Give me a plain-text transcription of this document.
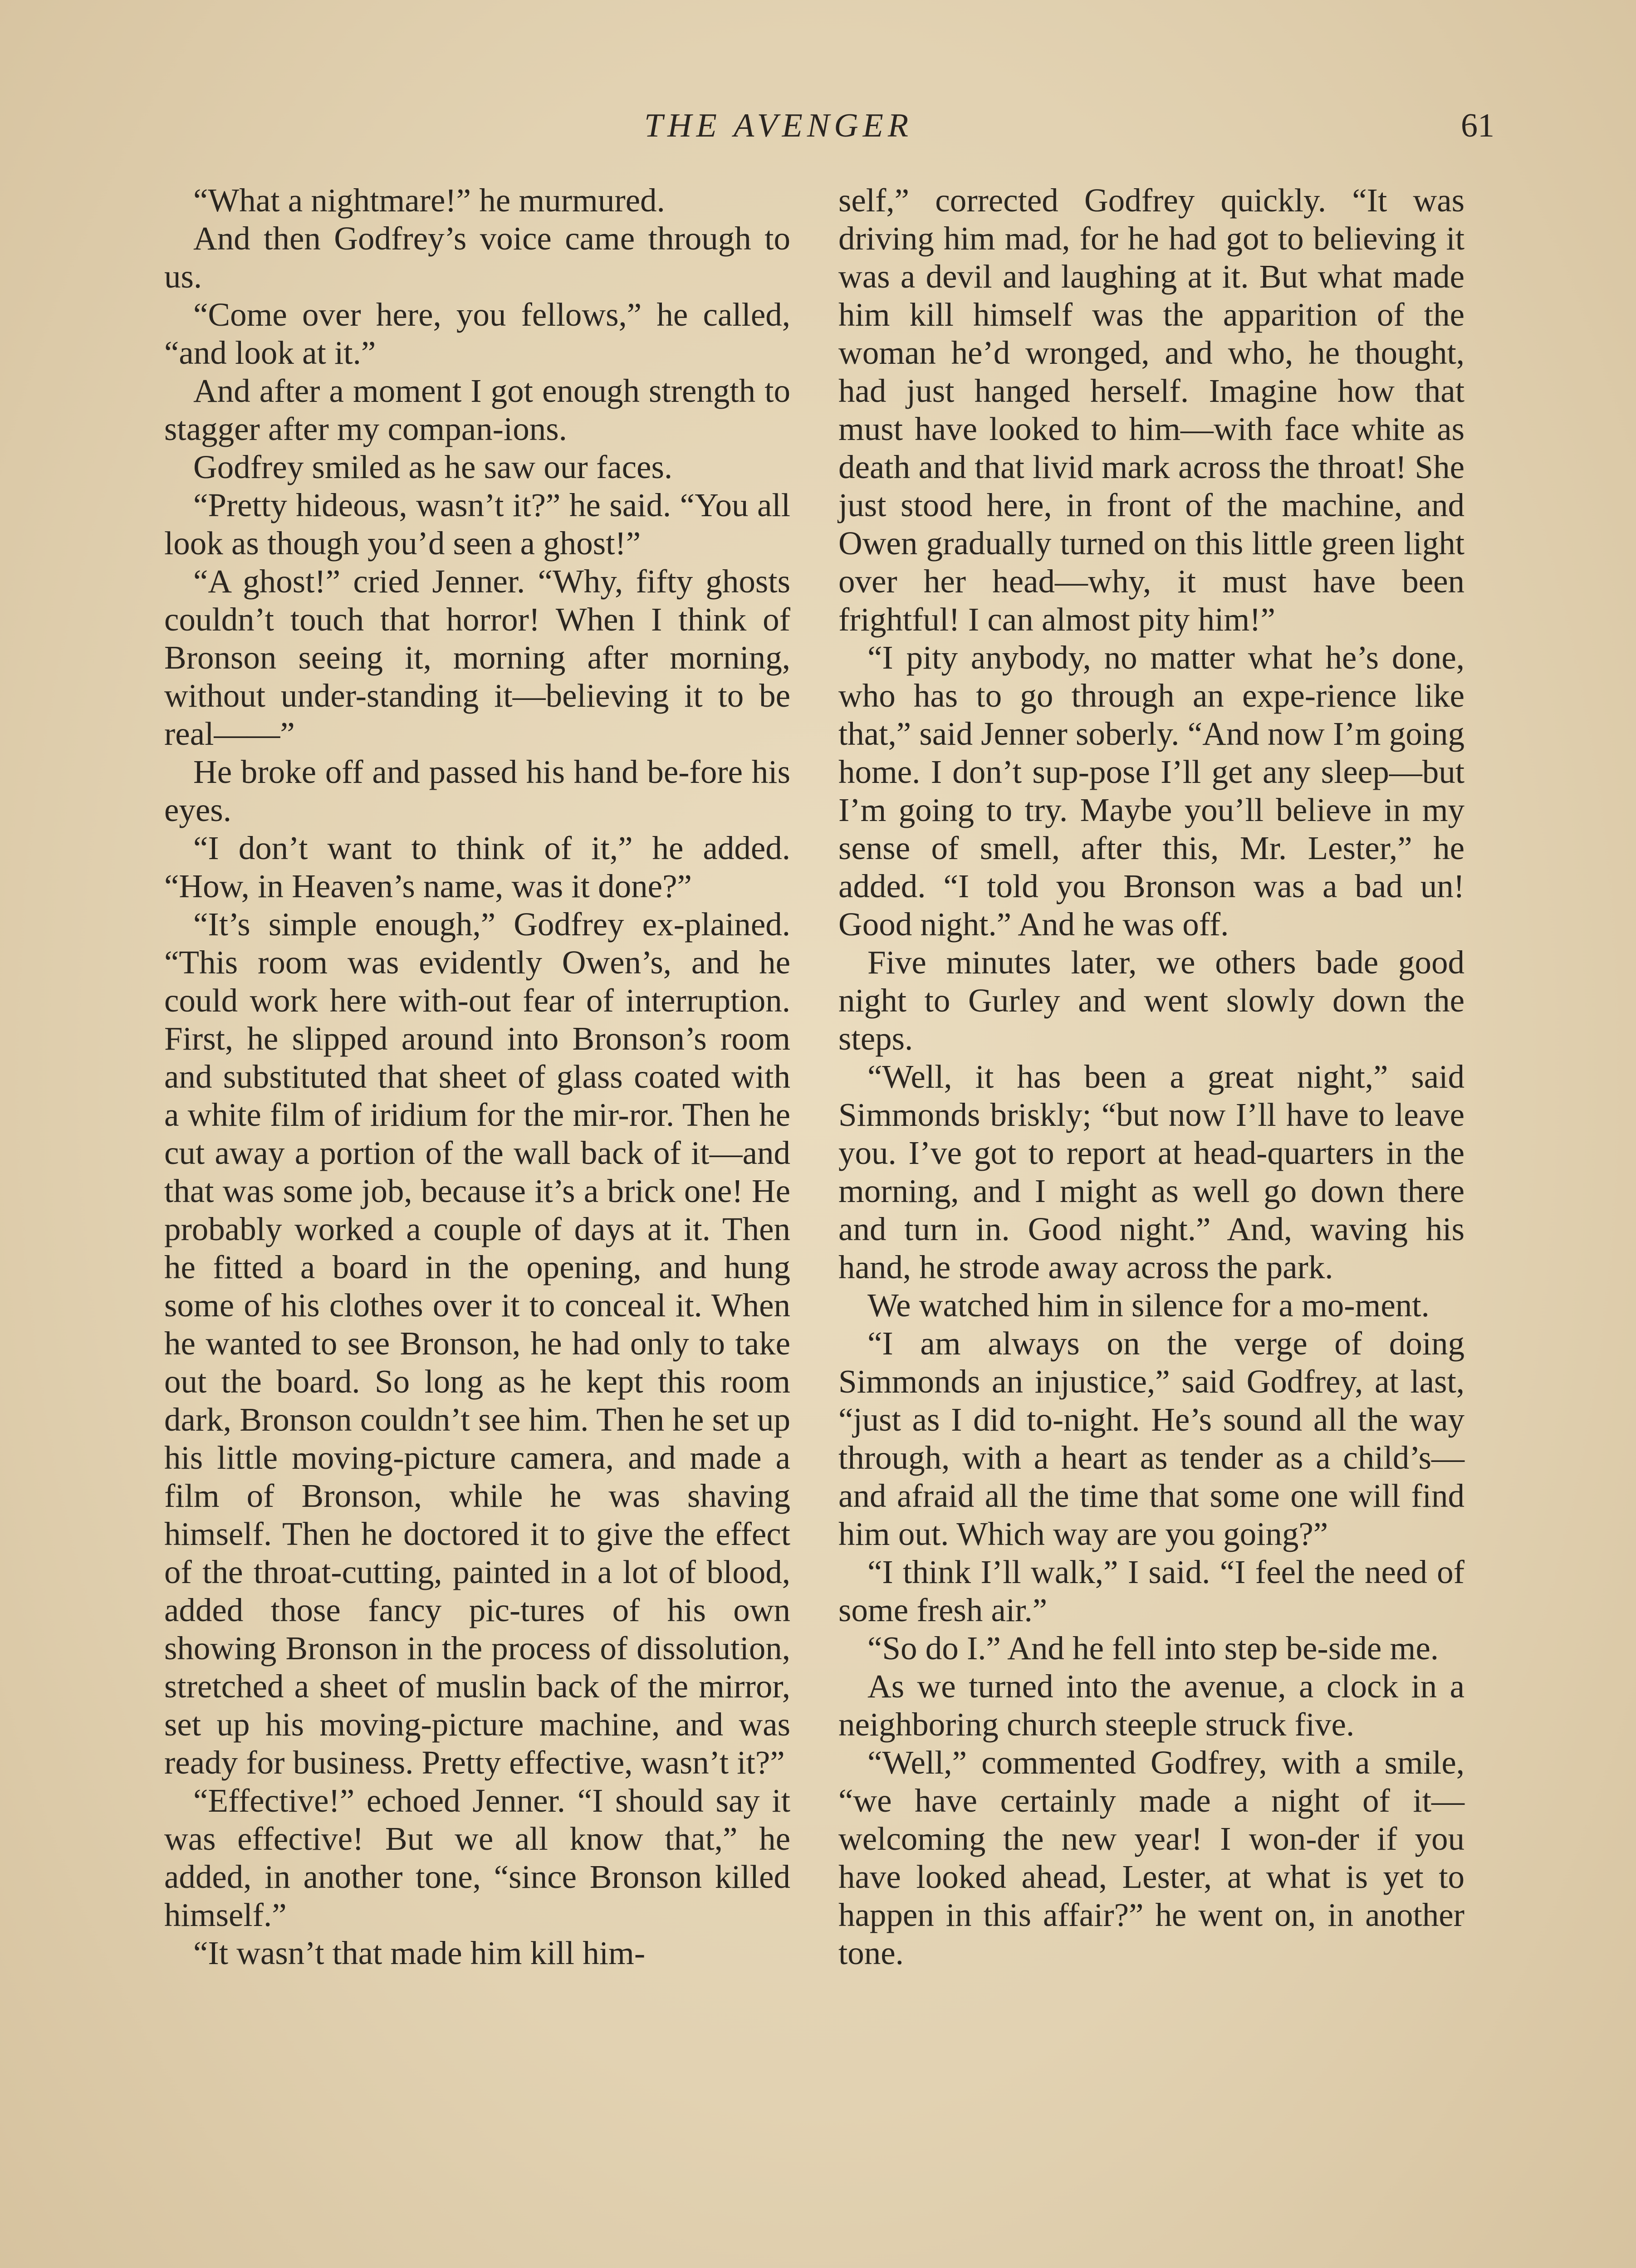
THE AVENGER	61

“What a nightmare!” he murmured.

And then Godfrey’s voice came through to us.

“Come over here, you fellows,” he called, “and look at it.”

And after a moment I got enough strength to stagger after my compan-ions.

Godfrey smiled as he saw our faces.

“Pretty hideous, wasn’t it?” he said. “You all look as though you’d seen a ghost!”

“A ghost!” cried Jenner. “Why, fifty ghosts couldn’t touch that horror! When I think of Bronson seeing it, morning after morning, without under-standing it—believing it to be real——”

He broke off and passed his hand be-fore his eyes.

“I don’t want to think of it,” he added. “How, in Heaven’s name, was it done?”

“It’s simple enough,” Godfrey ex-plained. “This room was evidently Owen’s, and he could work here with-out fear of interruption. First, he slipped around into Bronson’s room and substituted that sheet of glass coated with a white film of iridium for the mir-ror. Then he cut away a portion of the wall back of it—and that was some job, because it’s a brick one! He probably worked a couple of days at it. Then he fitted a board in the opening, and hung some of his clothes over it to conceal it. When he wanted to see Bronson, he had only to take out the board. So long as he kept this room dark, Bronson couldn’t see him. Then he set up his little moving-picture camera, and made a film of Bronson, while he was shaving himself. Then he doctored it to give the effect of the throat-cutting, painted in a lot of blood, added those fancy pic-tures of his own showing Bronson in the process of dissolution, stretched a sheet of muslin back of the mirror, set up his moving-picture machine, and was ready for business. Pretty effective, wasn’t it?”

“Effective!” echoed Jenner. “I should say it was effective! But we all know that,” he added, in another tone, “since Bronson killed himself.”

“It wasn’t that made him kill him-

self,” corrected Godfrey quickly. “It was driving him mad, for he had got to believing it was a devil and laughing at it. But what made him kill himself was the apparition of the woman he’d wronged, and who, he thought, had just hanged herself. Imagine how that must have looked to him—with face white as death and that livid mark across the throat! She just stood here, in front of the machine, and Owen gradually turned on this little green light over her head—why, it must have been frightful! I can almost pity him!”

“I pity anybody, no matter what he’s done, who has to go through an expe-rience like that,” said Jenner soberly. “And now I’m going home. I don’t sup-pose I’ll get any sleep—but I’m going to try. Maybe you’ll believe in my sense of smell, after this, Mr. Lester,” he added. “I told you Bronson was a bad un! Good night.” And he was off.

Five minutes later, we others bade good night to Gurley and went slowly down the steps.

“Well, it has been a great night,” said Simmonds briskly; “but now I’ll have to leave you. I’ve got to report at head-quarters in the morning, and I might as well go down there and turn in. Good night.” And, waving his hand, he strode away across the park.

We watched him in silence for a mo-ment.

“I am always on the verge of doing Simmonds an injustice,” said Godfrey, at last, “just as I did to-night. He’s sound all the way through, with a heart as tender as a child’s—and afraid all the time that some one will find him out. Which way are you going?”

“I think I’ll walk,” I said. “I feel the need of some fresh air.”

“So do I.” And he fell into step be-side me.

As we turned into the avenue, a clock in a neighboring church steeple struck five.

“Well,” commented Godfrey, with a smile, “we have certainly made a night of it—welcoming the new year! I won-der if you have looked ahead, Lester, at what is yet to happen in this affair?” he went on, in another tone.
